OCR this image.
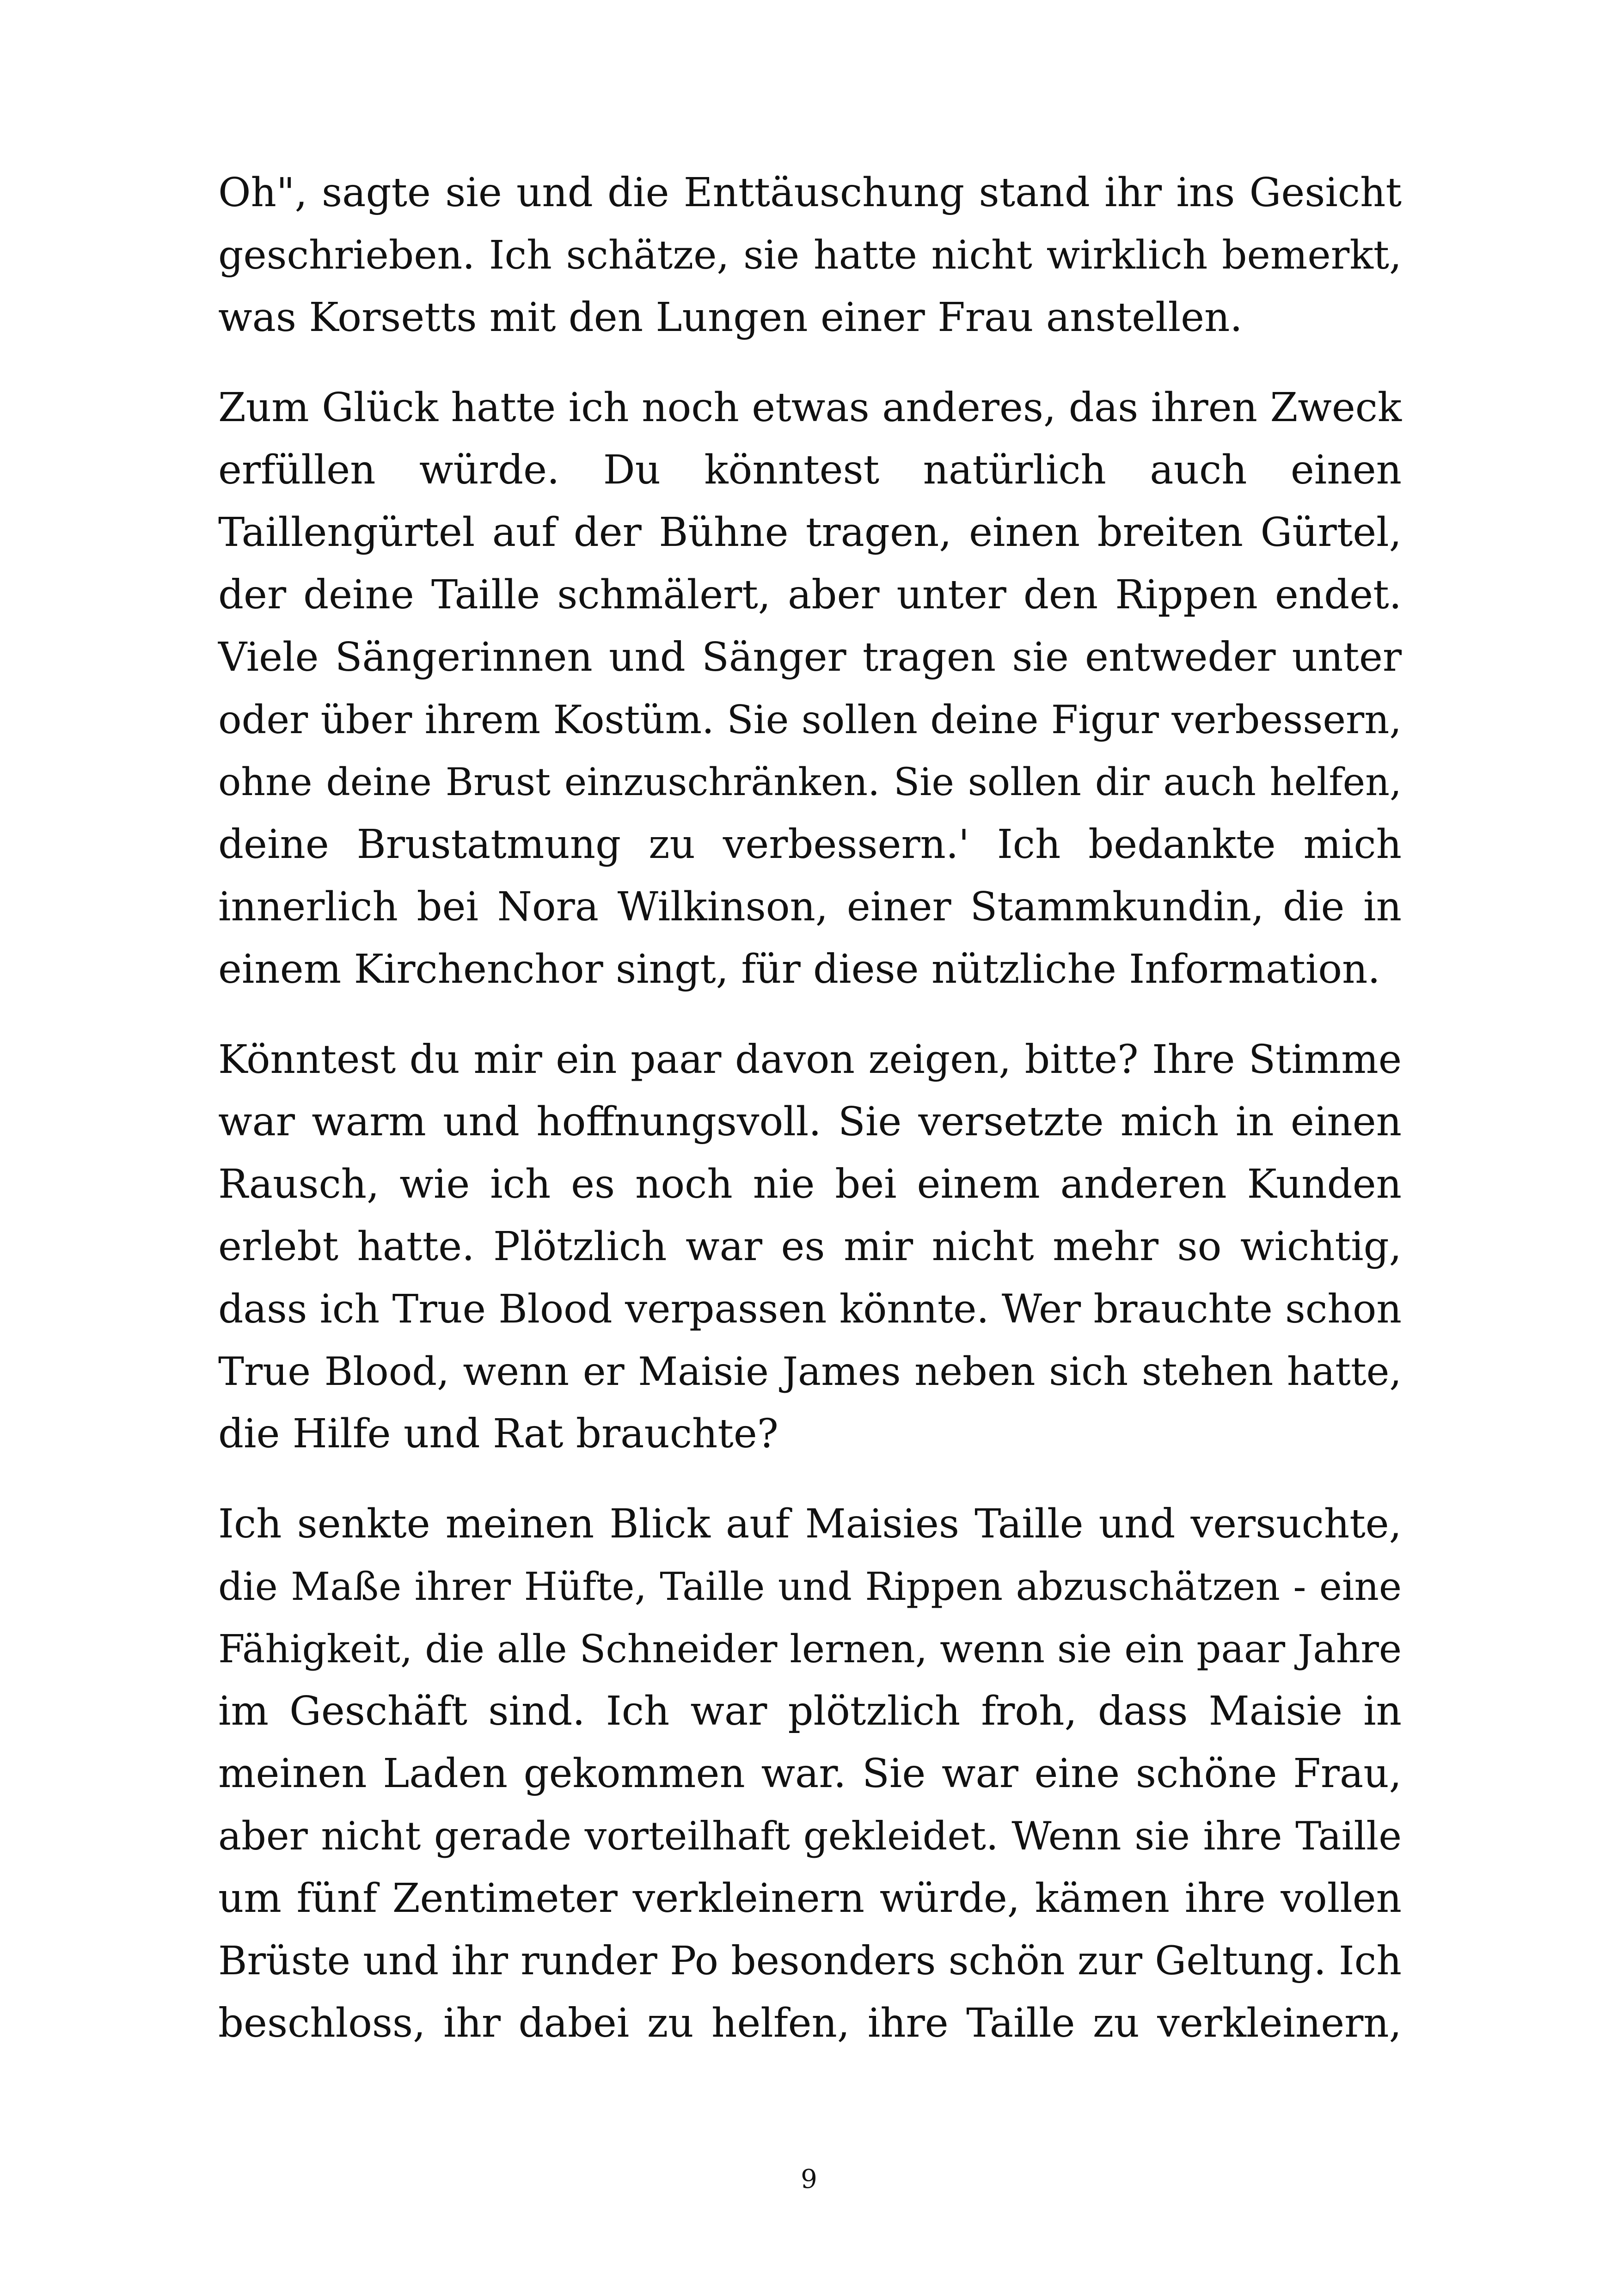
Oh", sagte sie und die Enttäuschung stand ihr ins Gesicht
geschrieben. Ich schätze, sie hatte nicht wirklich bemerkt,
was Korsetts mit den Lungen einer Frau anstellen.

Zum Glück hatte ich noch etwas anderes, das ihren Zweck
erfüllen würde. Du könntest natürlich auch einen
Taillengürtel auf der Bühne tragen, einen breiten Gürtel,
der deine Taille schmälert, aber unter den Rippen endet.
Viele Sängerinnen und Sänger tragen sie entweder unter
oder über ihrem Kostüm. Sie sollen deine Figur verbessern,
ohne deine Brust einzuschränken. Sie sollen dir auch helfen,
deine Brustatmung zu verbessern.' Ich bedankte mich
innerlich bei Nora Wilkinson, einer Stammkundin, die in
einem Kirchenchor singt, für diese nützliche Information.

Könntest du mir ein paar davon zeigen, bitte? Ihre Stimme
war warm und hoffnungsvoll. Sie versetzte mich in einen
Rausch, wie ich es noch nie bei einem anderen Kunden
erlebt hatte. Plötzlich war es mir nicht mehr so wichtig,
dass ich True Blood verpassen könnte. Wer brauchte schon
True Blood, wenn er Maisie James neben sich stehen hatte,
die Hilfe und Rat brauchte?

Ich senkte meinen Blick auf Maisies Taille und versuchte,
die Maße ihrer Hüfte, Taille und Rippen abzuschätzen - eine
Fähigkeit, die alle Schneider lernen, wenn sie ein paar Jahre
im Geschäft sind. Ich war plötzlich froh, dass Maisie in
meinen Laden gekommen war. Sie war eine schöne Frau,
aber nicht gerade vorteilhaft gekleidet. Wenn sie ihre Taille
um fünf Zentimeter verkleinern würde, kämen ihre vollen
Brüste und ihr runder Po besonders schön zur Geltung. Ich
beschloss, ihr dabei zu helfen, ihre Taille zu verkleinern,

9
